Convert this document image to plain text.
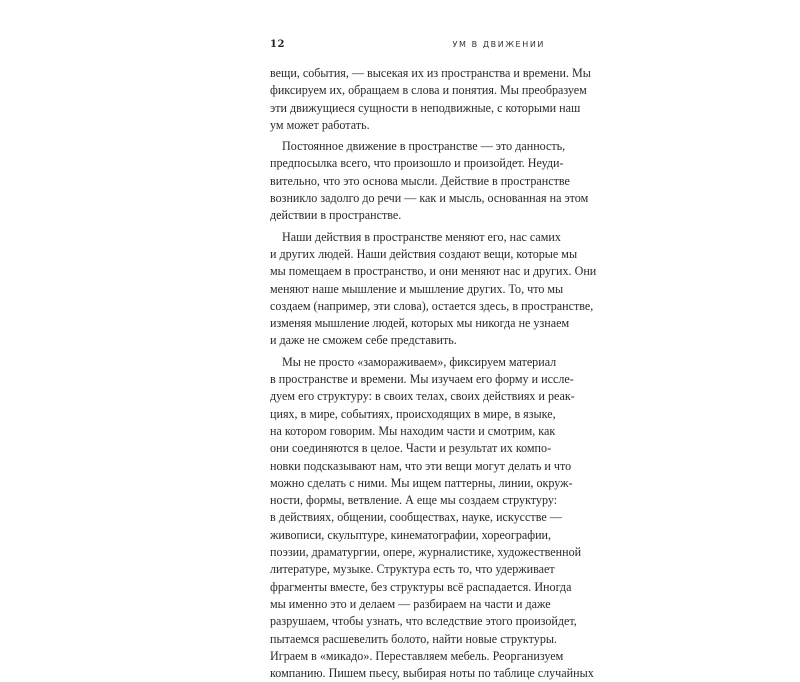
12	УМ В ДВИЖЕНИИ
вещи, события, — высекая их из пространства и времени. Мы
фиксируем их, обращаем в слова и понятия. Мы преобразуем
эти движущиеся сущности в неподвижные, с которыми наш
ум может работать.
Постоянное движение в пространстве — это данность,
предпосылка всего, что произошло и произойдет. Неуди-
вительно, что это основа мысли. Действие в пространстве
возникло задолго до речи — как и мысль, основанная на этом
действии в пространстве.
Наши действия в пространстве меняют его, нас самих
и других людей. Наши действия создают вещи, которые мы
мы помещаем в пространство, и они меняют нас и других. Они
меняют наше мышление и мышление других. То, что мы
создаем (например, эти слова), остается здесь, в пространстве,
изменяя мышление людей, которых мы никогда не узнаем
и даже не сможем себе представить.
Мы не просто «замораживаем», фиксируем материал
в пространстве и времени. Мы изучаем его форму и иссле-
дуем его структуру: в своих телах, своих действиях и реак-
циях, в мире, событиях, происходящих в мире, в языке,
на котором говорим. Мы находим части и смотрим, как
они соединяются в целое. Части и результат их компо-
новки подсказывают нам, что эти вещи могут делать и что
можно сделать с ними. Мы ищем паттерны, линии, окруж-
ности, формы, ветвление. А еще мы создаем структуру:
в действиях, общении, сообществах, науке, искусстве —
живописи, скульптуре, кинематографии, хореографии,
поэзии, драматургии, опере, журналистике, художественной
литературе, музыке. Структура есть то, что удерживает
фрагменты вместе, без структуры всё распадается. Иногда
мы именно это и делаем — разбираем на части и даже
разрушаем, чтобы узнать, что вследствие этого произойдет,
пытаемся расшевелить болото, найти новые структуры.
Играем в «микадо». Переставляем мебель. Реорганизуем
компанию. Пишем пьесу, выбирая ноты по таблице случайных
